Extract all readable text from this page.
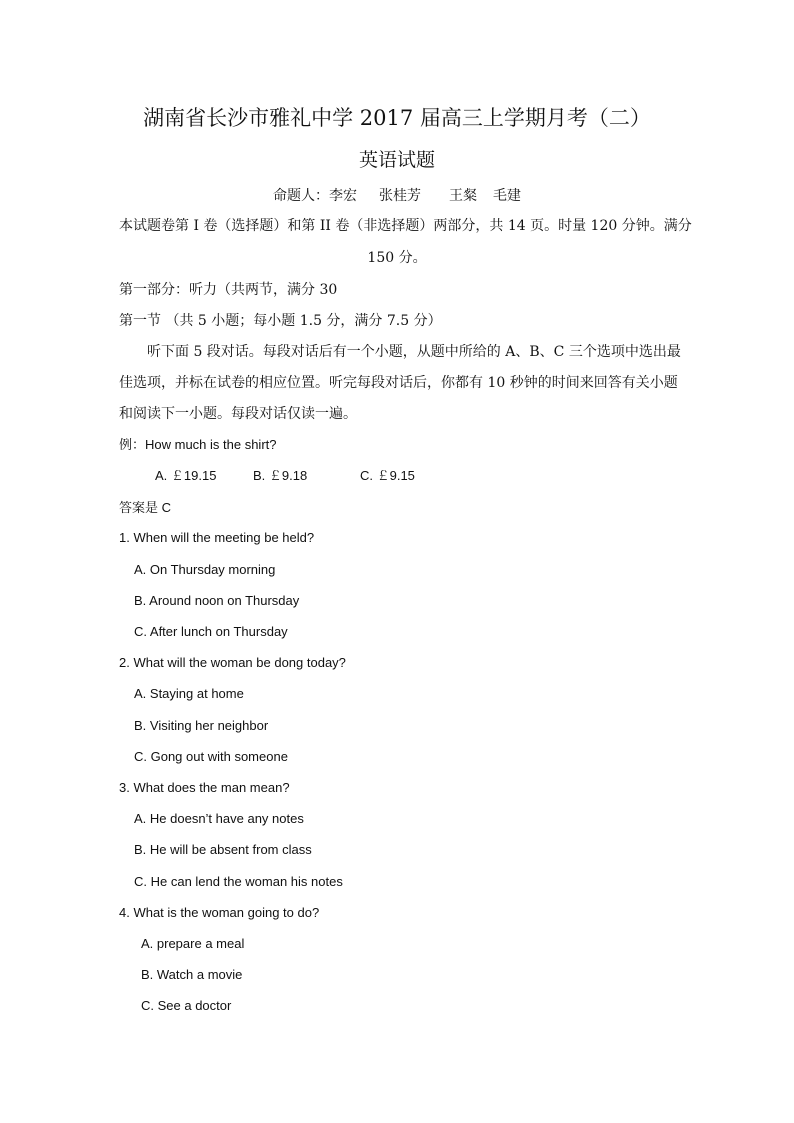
湖南省长沙市雅礼中学 2017 届高三上学期月考（二）
英语试题
命题人：李宏 张桂芳 王粲 毛建
本试题卷第 I 卷（选择题）和第 II 卷（非选择题）两部分，共 14 页。时量 120 分钟。满分
150 分。
第一部分：听力（共两节，满分 30
第一节 （共 5 小题；每小题 1.5 分，满分 7.5 分）
听下面 5 段对话。每段对话后有一个小题，从题中所给的 A、B、C 三个选项中选出最
佳选项，并标在试卷的相应位置。听完每段对话后，你都有 10 秒钟的时间来回答有关小题
和阅读下一小题。每段对话仅读一遍。
例：How much is the shirt?
A. ￡19.15	B. ￡9.18	C. ￡9.15
答案是 C
1. When will the meeting be held?
A. On Thursday morning
B. Around noon on Thursday
C. After lunch on Thursday
2. What will the woman be dong today?
A. Staying at home
B. Visiting her neighbor
C. Gong out with someone
3. What does the man mean?
A. He doesn’t have any notes
B. He will be absent from class
C. He can lend the woman his notes
4. What is the woman going to do?
A. prepare a meal
B. Watch a movie
C. See a doctor
